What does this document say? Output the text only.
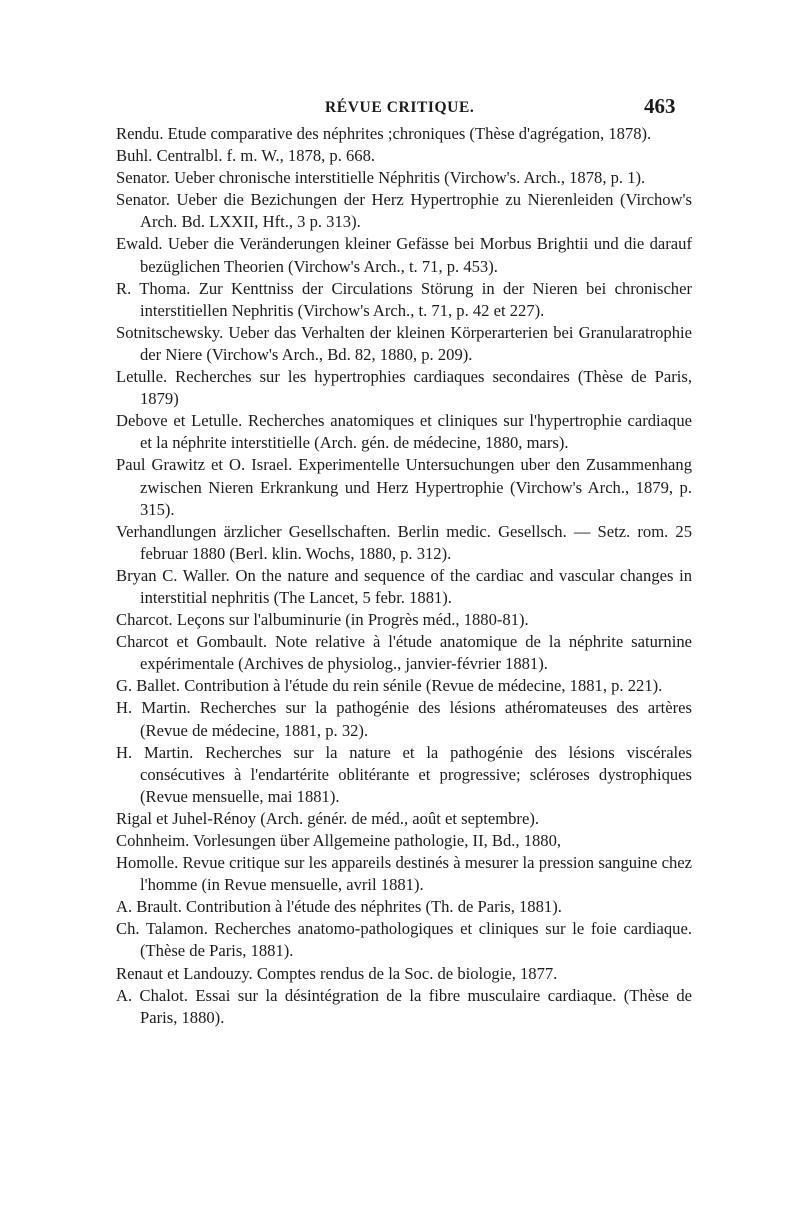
RÉVUE CRITIQUE.	463
Rendu. Etude comparative des néphrites ;chroniques (Thèse d'agrégation, 1878).
Buhl. Centralbl. f. m. W., 1878, p. 668.
Senator. Ueber chronische interstitielle Néphritis (Virchow's. Arch., 1878, p. 1).
Senator. Ueber die Bezichungen der Herz Hypertrophie zu Nierenleiden (Virchow's Arch. Bd. LXXII, Hft., 3 p. 313).
Ewald. Ueber die Veränderungen kleiner Gefässe bei Morbus Brightii und die darauf bezüglichen Theorien (Virchow's Arch., t. 71, p. 453).
R. Thoma. Zur Kenttniss der Circulations Störung in der Nieren bei chronischer interstitiellen Nephritis (Virchow's Arch., t. 71, p. 42 et 227).
Sotnitschewsky. Ueber das Verhalten der kleinen Körperarterien bei Granularatrophie der Niere (Virchow's Arch., Bd. 82, 1880, p. 209).
Letulle. Recherches sur les hypertrophies cardiaques secondaires (Thèse de Paris, 1879)
Debove et Letulle. Recherches anatomiques et cliniques sur l'hypertrophie cardiaque et la néphrite interstitielle (Arch. gén. de médecine, 1880, mars).
Paul Grawitz et O. Israel. Experimentelle Untersuchungen uber den Zusammenhang zwischen Nieren Erkrankung und Herz Hypertrophie (Virchow's Arch., 1879, p. 315).
Verhandlungen ärzlicher Gesellschaften. Berlin medic. Gesellsch. — Setz. rom. 25 februar 1880 (Berl. klin. Wochs, 1880, p. 312).
Bryan C. Waller. On the nature and sequence of the cardiac and vascular changes in interstitial nephritis (The Lancet, 5 febr. 1881).
Charcot. Leçons sur l'albuminurie (in Progrès méd., 1880-81).
Charcot et Gombault. Note relative à l'étude anatomique de la néphrite saturnine expérimentale (Archives de physiolog., janvier-février 1881).
G. Ballet. Contribution à l'étude du rein sénile (Revue de médecine, 1881, p. 221).
H. Martin. Recherches sur la pathogénie des lésions athéromateuses des artères (Revue de médecine, 1881, p. 32).
H. Martin. Recherches sur la nature et la pathogénie des lésions viscérales consécutives à l'endartérite oblitérante et progressive; scléroses dystrophiques (Revue mensuelle, mai 1881).
Rigal et Juhel-Rénoy (Arch. génér. de méd., août et septembre).
Cohnheim. Vorlesungen über Allgemeine pathologie, II, Bd., 1880,
Homolle. Revue critique sur les appareils destinés à mesurer la pression sanguine chez l'homme (in Revue mensuelle, avril 1881).
A. Brault. Contribution à l'étude des néphrites (Th. de Paris, 1881).
Ch. Talamon. Recherches anatomo-pathologiques et cliniques sur le foie cardiaque. (Thèse de Paris, 1881).
Renaut et Landouzy. Comptes rendus de la Soc. de biologie, 1877.
A. Chalot. Essai sur la désintégration de la fibre musculaire cardiaque. (Thèse de Paris, 1880).
